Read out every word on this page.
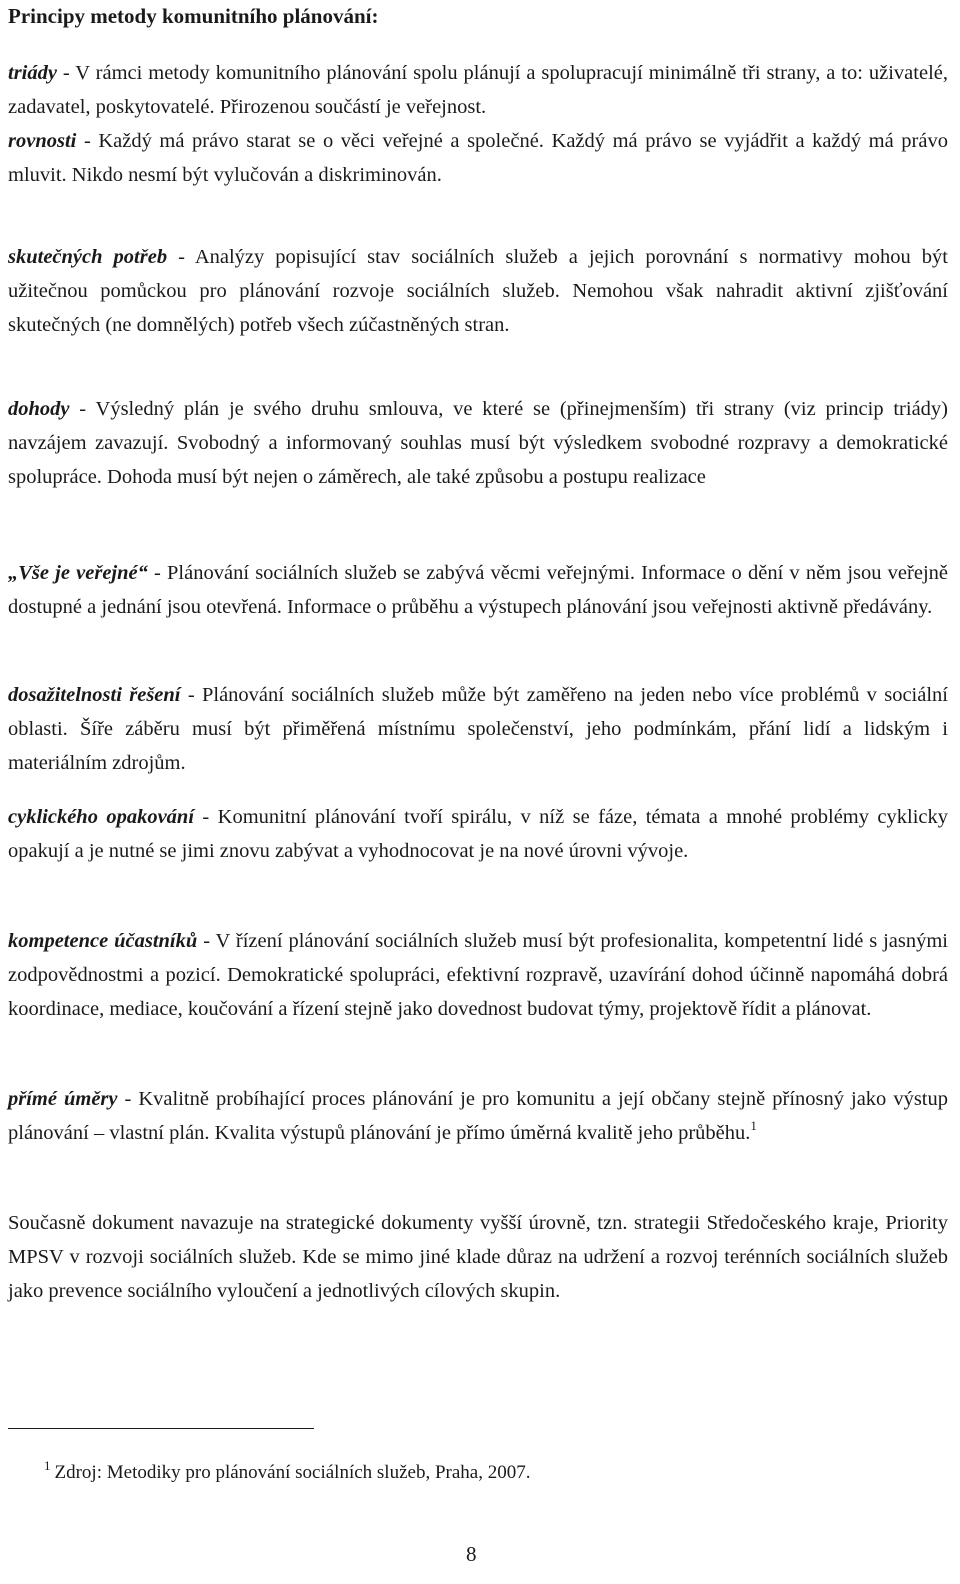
Principy metody komunitního plánování:

triády - V rámci metody komunitního plánování spolu plánují a spolupracují minimálně tři strany, a to: uživatelé, zadavatel, poskytovatelé. Přirozenou součástí je veřejnost.

rovnosti - Každý má právo starat se o věci veřejné a společné. Každý má právo se vyjádřit a každý má právo mluvit. Nikdo nesmí být vylučován a diskriminován.

skutečných potřeb - Analýzy popisující stav sociálních služeb a jejich porovnání s normativy mohou být užitečnou pomůckou pro plánování rozvoje sociálních služeb. Nemohou však nahradit aktivní zjišťování skutečných (ne domnělých) potřeb všech zúčastněných stran.

dohody - Výsledný plán je svého druhu smlouva, ve které se (přinejmenším) tři strany (viz princip triády) navzájem zavazují. Svobodný a informovaný souhlas musí být výsledkem svobodné rozpravy a demokratické spolupráce. Dohoda musí být nejen o záměrech, ale také způsobu a postupu realizace

„Vše je veřejné“ - Plánování sociálních služeb se zabývá věcmi veřejnými. Informace o dění v něm jsou veřejně dostupné a jednání jsou otevřená. Informace o průběhu a výstupech plánování jsou veřejnosti aktivně předávány.

dosažitelnosti řešení - Plánování sociálních služeb může být zaměřeno na jeden nebo více problémů v sociální oblasti. Šíře záběru musí být přiměřená místnímu společenství, jeho podmínkám, přání lidí a lidským i materiálním zdrojům.

cyklického opakování - Komunitní plánování tvoří spirálu, v níž se fáze, témata a mnohé problémy cyklicky opakují a je nutné se jimi znovu zabývat a vyhodnocovat je na nové úrovni vývoje.

kompetence účastníků - V řízení plánování sociálních služeb musí být profesionalita, kompetentní lidé s jasnými zodpovědnostmi a pozicí. Demokratické spolupráci, efektivní rozpravě, uzavírání dohod účinně napomáhá dobrá koordinace, mediace, koučování a řízení stejně jako dovednost budovat týmy, projektově řídit a plánovat.

přímé úměry - Kvalitně probíhající proces plánování je pro komunitu a její občany stejně přínosný jako výstup plánování – vlastní plán. Kvalita výstupů plánování je přímo úměrná kvalitě jeho průběhu.$^1$

Současně dokument navazuje na strategické dokumenty vyšší úrovně, tzn. strategii Středočeského kraje, Priority MPSV v rozvoji sociálních služeb. Kde se mimo jiné klade důraz na udržení a rozvoj terénních sociálních služeb jako prevence sociálního vyloučení a jednotlivých cílových skupin.

$^1$ Zdroj: Metodiky pro plánování sociálních služeb, Praha, 2007.

8
